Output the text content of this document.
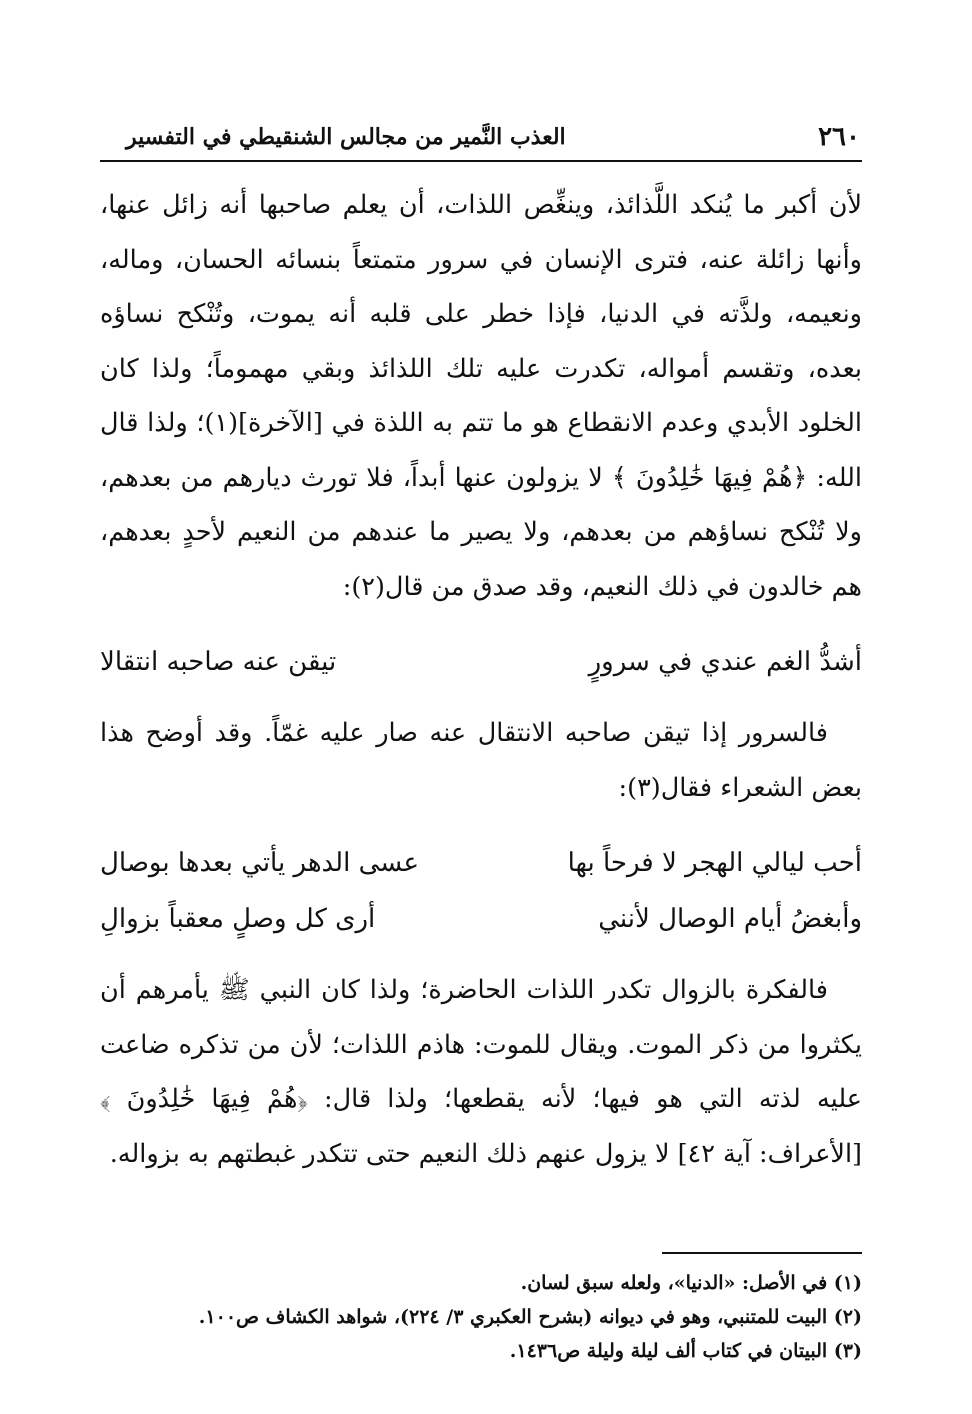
٢٦٠
العذب النَّمير من مجالس الشنقيطي في التفسير

لأن أكبر ما يُنكد اللَّذائذ، وينغِّص اللذات، أن يعلم صاحبها أنه زائل عنها، وأنها زائلة عنه، فترى الإنسان في سرور متمتعاً بنسائه الحسان، وماله، ونعيمه، ولذَّته في الدنيا، فإذا خطر على قلبه أنه يموت، وتُنْكح نساؤه بعده، وتقسم أمواله، تكدرت عليه تلك اللذائذ وبقي مهموماً؛ ولذا كان الخلود الأبدي وعدم الانقطاع هو ما تتم به اللذة في [الآخرة](١)؛ ولذا قال الله: ﴿هُمْ فِيهَا خَٰلِدُونَ ﴾ لا يزولون عنها أبداً، فلا تورث ديارهم من بعدهم، ولا تُنْكح نساؤهم من بعدهم، ولا يصير ما عندهم من النعيم لأحدٍ بعدهم، هم خالدون في ذلك النعيم، وقد صدق من قال(٢):

أشدُّ الغم عندي في سرورٍ
تيقن عنه صاحبه انتقالا

فالسرور إذا تيقن صاحبه الانتقال عنه صار عليه غمّاً. وقد أوضح هذا بعض الشعراء فقال(٣):

أحب ليالي الهجر لا فرحاً بها
عسى الدهر يأتي بعدها بوصال
وأبغضُ أيام الوصال لأنني
أرى كل وصلٍ معقباً بزوالِ

فالفكرة بالزوال تكدر اللذات الحاضرة؛ ولذا كان النبي ﷺ يأمرهم أن يكثروا من ذكر الموت. ويقال للموت: هاذم اللذات؛ لأن من تذكره ضاعت عليه لذته التي هو فيها؛ لأنه يقطعها؛ ولذا قال: ﴿هُمْ فِيهَا خَٰلِدُونَ ﴾ [الأعراف: آية ٤٢] لا يزول عنهم ذلك النعيم حتى تتكدر غبطتهم به بزواله.

(١) في الأصل: «الدنيا»، ولعله سبق لسان.

(٢) البيت للمتنبي، وهو في ديوانه (بشرح العكبري ٣/ ٢٢٤)، شواهد الكشاف ص١٠٠.

(٣) البيتان في كتاب ألف ليلة وليلة ص١٤٣٦.
